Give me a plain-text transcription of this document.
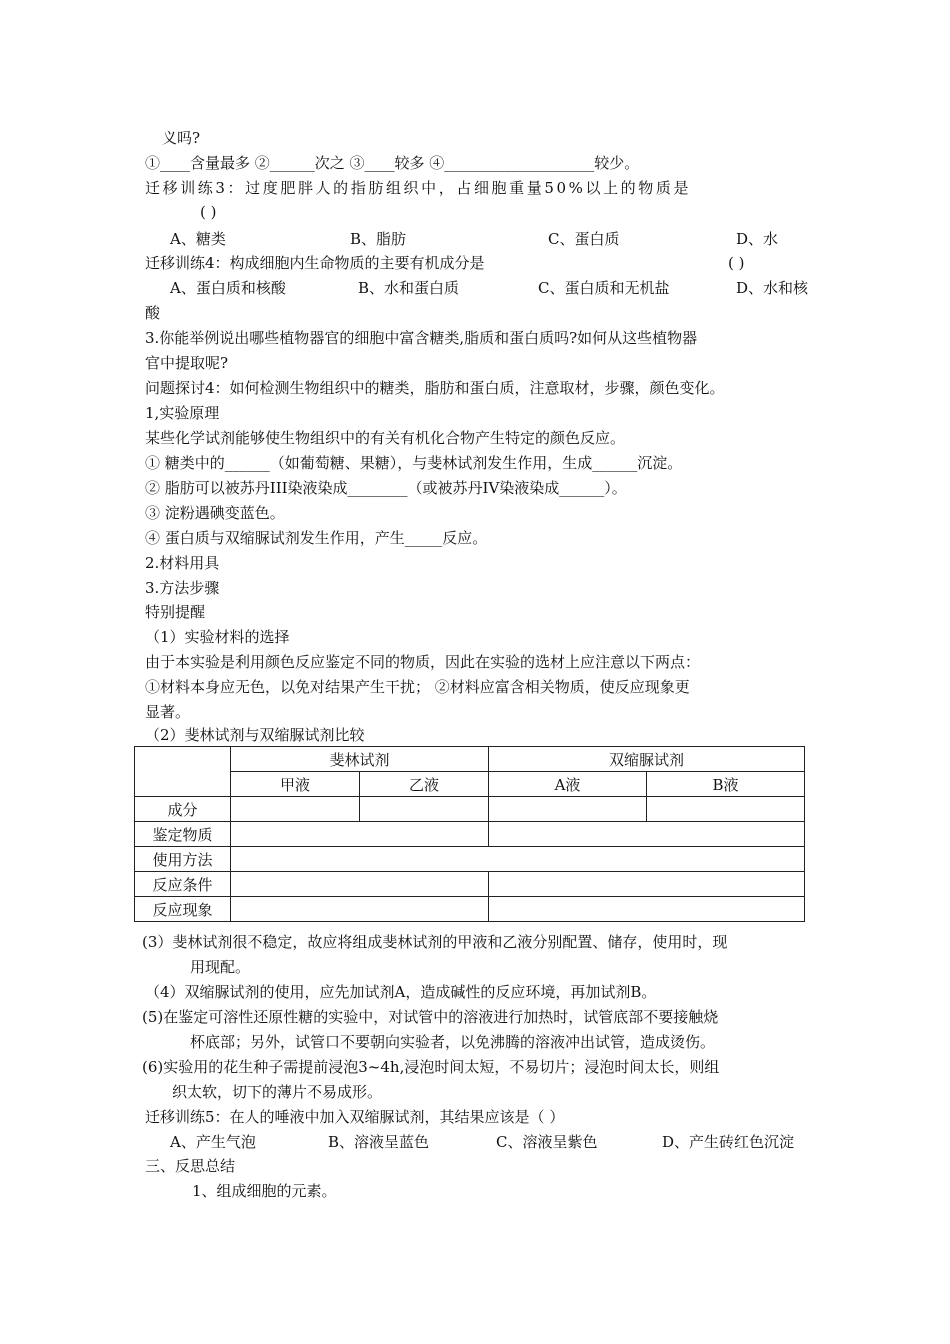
义吗?
①____含量最多 ②______次之 ③____较多 ④____________________较少。
迁移训练3：过度肥胖人的指肪组织中，占细胞重量50%以上的物质是
( )
A、糖类	B、脂肪	C、蛋白质	D、水
迁移训练4：构成细胞内生命物质的主要有机成分是	( )
A、蛋白质和核酸	B、水和蛋白质	C、蛋白质和无机盐	D、水和核
酸
3.你能举例说出哪些植物器官的细胞中富含糖类,脂质和蛋白质吗?如何从这些植物器
官中提取呢?
问题探讨4：如何检测生物组织中的糖类，脂肪和蛋白质，注意取材，步骤，颜色变化。
1,实验原理
某些化学试剂能够使生物组织中的有关有机化合物产生特定的颜色反应。
① 糖类中的______（如葡萄糖、果糖），与斐林试剂发生作用，生成______沉淀。
② 脂肪可以被苏丹III染液染成________（或被苏丹IV染液染成______）。
③ 淀粉遇碘变蓝色。
④ 蛋白质与双缩脲试剂发生作用，产生_____反应。
2.材料用具
3.方法步骤
特别提醒
（1）实验材料的选择
由于本实验是利用颜色反应鉴定不同的物质，因此在实验的选材上应注意以下两点：
①材料本身应无色，以免对结果产生干扰； ②材料应富含相关物质，使反应现象更
显著。
（2）斐林试剂与双缩脲试剂比较
	斐林试剂		双缩脲试剂	
	甲液	乙液	A液	B液
成分				
鉴定物质				
使用方法				
反应条件				
反应现象				
(3）斐林试剂很不稳定，故应将组成斐林试剂的甲液和乙液分别配置、储存，使用时，现
用现配。
（4）双缩脲试剂的使用，应先加试剂A，造成碱性的反应环境，再加试剂B。
(5)在鉴定可溶性还原性糖的实验中，对试管中的溶液进行加热时，试管底部不要接触烧
杯底部；另外，试管口不要朝向实验者，以免沸腾的溶液冲出试管，造成烫伤。
(6)实验用的花生种子需提前浸泡3~4h,浸泡时间太短，不易切片；浸泡时间太长，则组
织太软，切下的薄片不易成形。
迁移训练5：在人的唾液中加入双缩脲试剂，其结果应该是（ ）
A、产生气泡	B、溶液呈蓝色	C、溶液呈紫色	D、产生砖红色沉淀
三、反思总结
1、组成细胞的元素。
